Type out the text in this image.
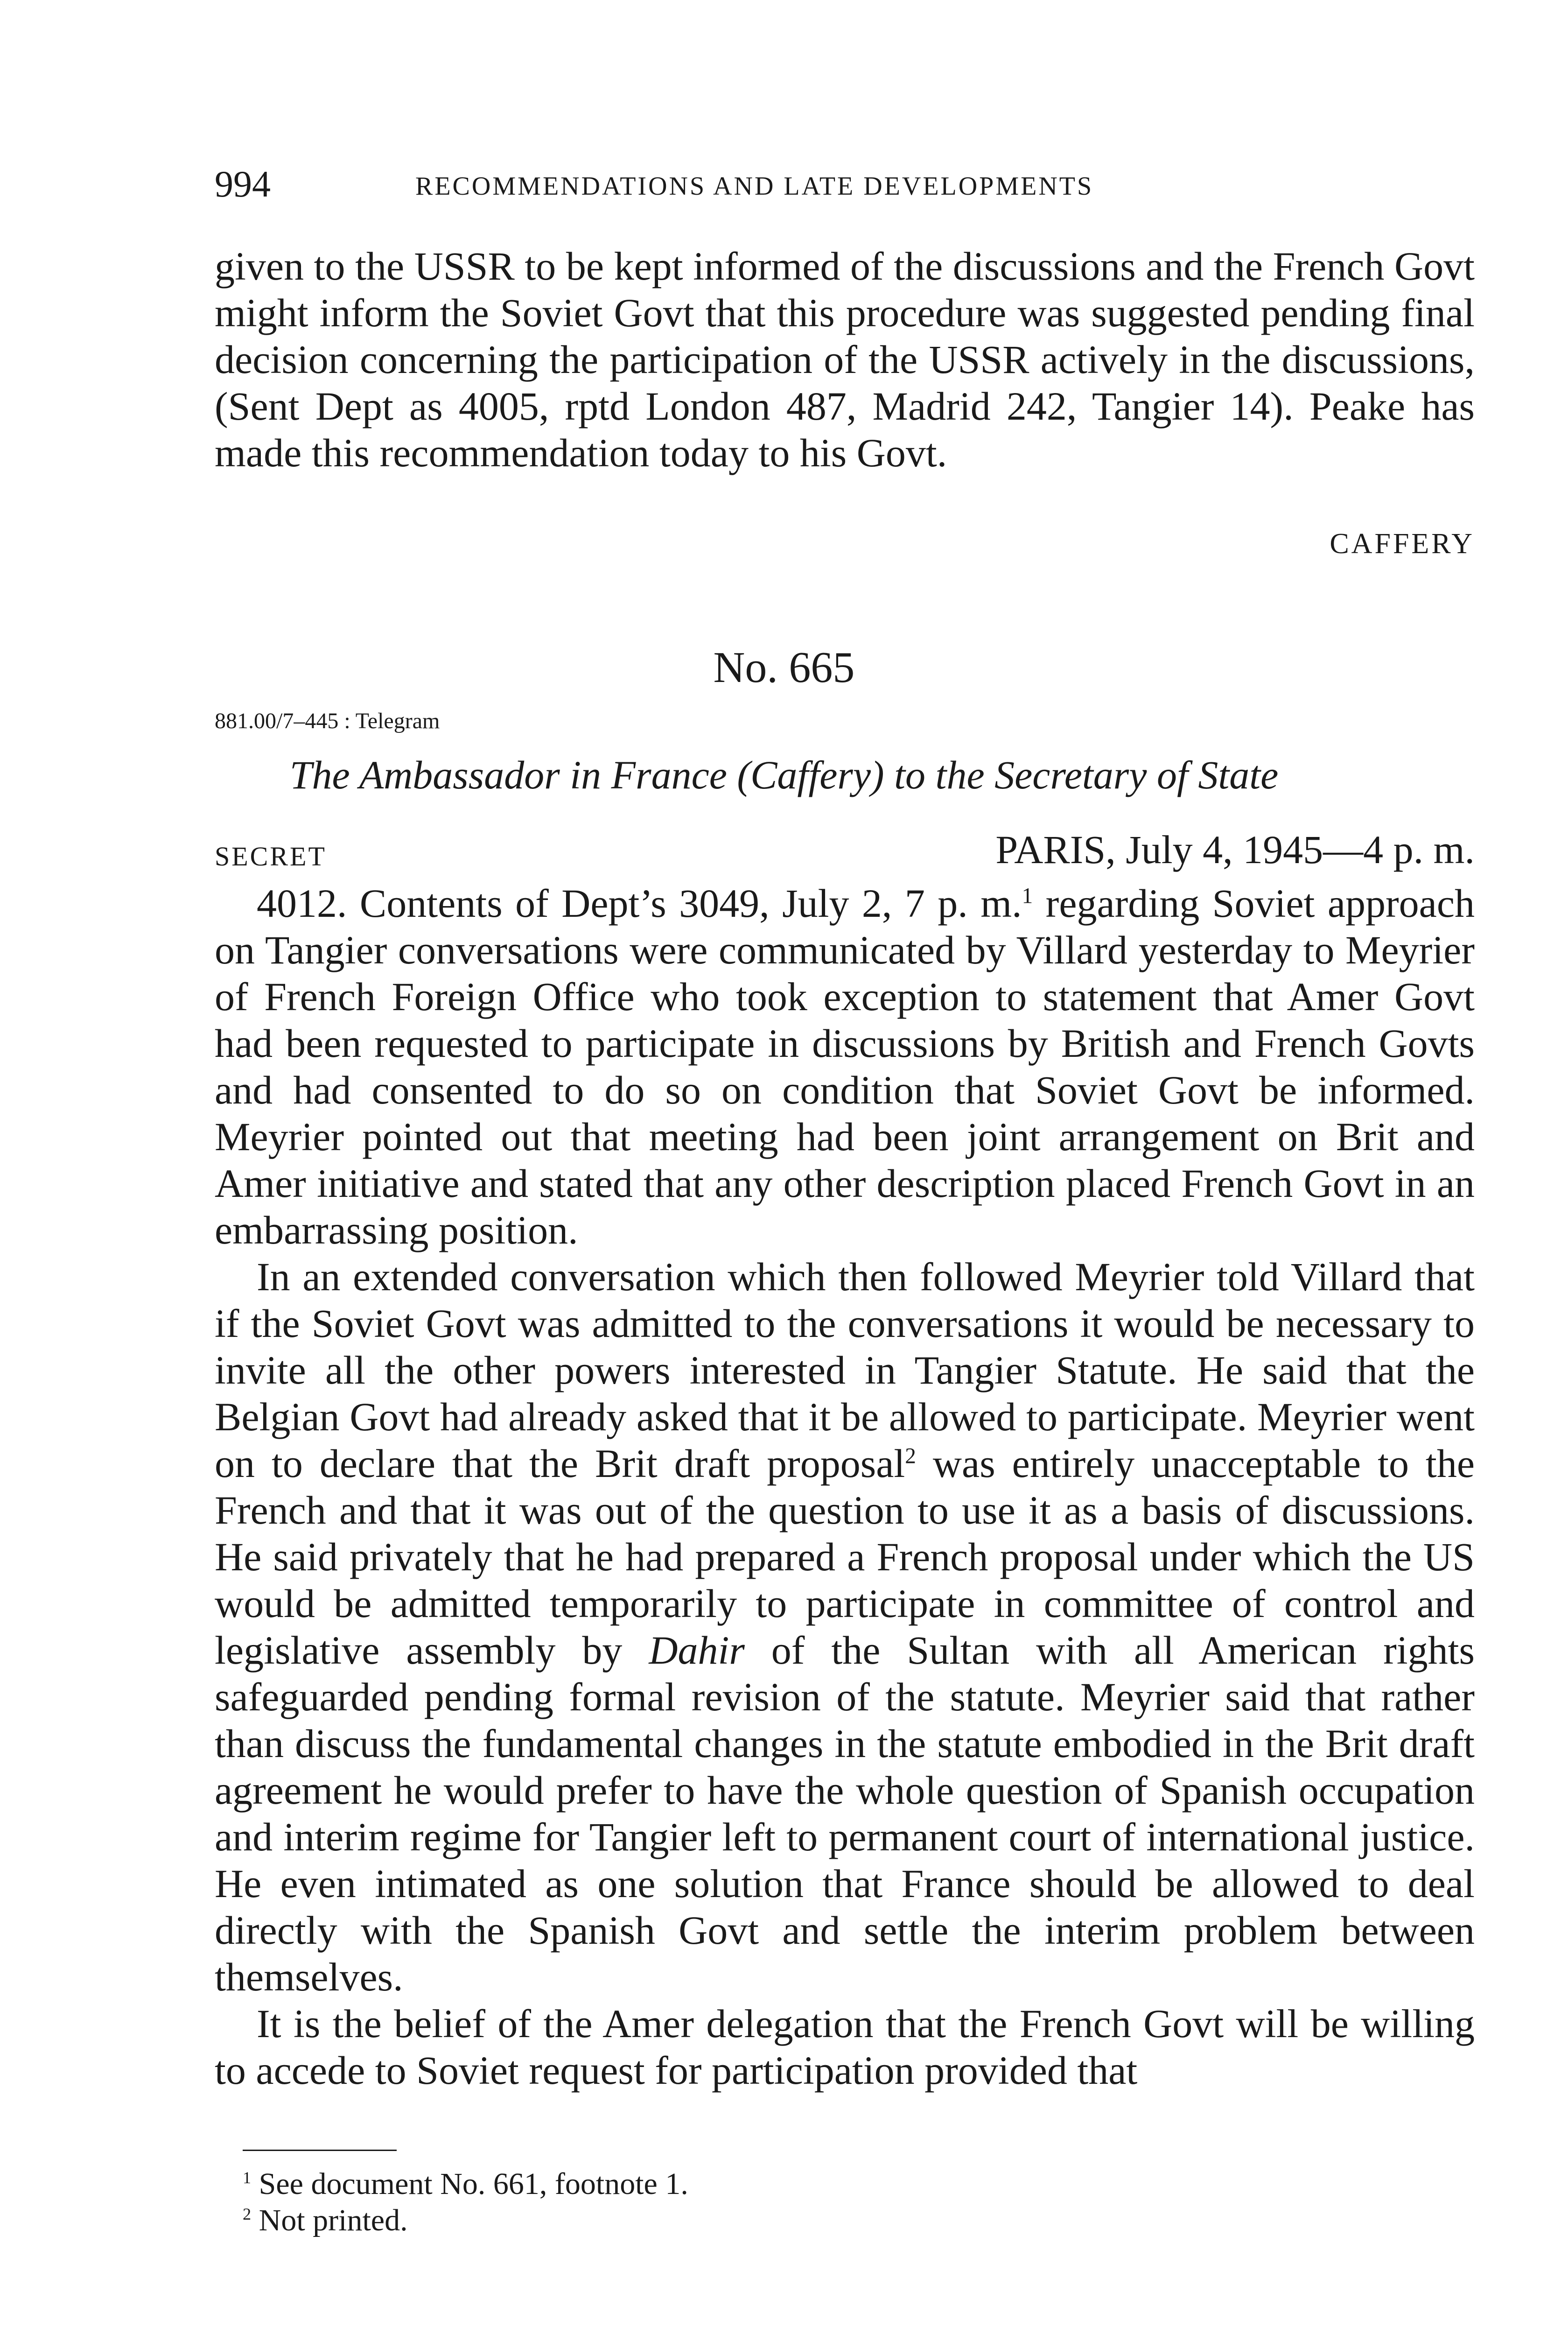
994	RECOMMENDATIONS AND LATE DEVELOPMENTS

given to the USSR to be kept informed of the discussions and the French Govt might inform the Soviet Govt that this procedure was suggested pending final decision concerning the participation of the USSR actively in the discussions, (Sent Dept as 4005, rptd London 487, Madrid 242, Tangier 14). Peake has made this recommendation today to his Govt.

CAFFERY
No. 665
881.00/7–445 : Telegram
The Ambassador in France (Caffery) to the Secretary of State
SECRET	PARIS, July 4, 1945—4 p. m.

4012. Contents of Dept’s 3049, July 2, 7 p. m.$^1$ regarding Soviet approach on Tangier conversations were communicated by Villard yesterday to Meyrier of French Foreign Office who took exception to statement that Amer Govt had been requested to participate in discussions by British and French Govts and had consented to do so on condition that Soviet Govt be informed. Meyrier pointed out that meeting had been joint arrangement on Brit and Amer initiative and stated that any other description placed French Govt in an embarrassing position.

In an extended conversation which then followed Meyrier told Villard that if the Soviet Govt was admitted to the conversations it would be necessary to invite all the other powers interested in Tangier Statute. He said that the Belgian Govt had already asked that it be allowed to participate. Meyrier went on to declare that the Brit draft proposal$^2$ was entirely unacceptable to the French and that it was out of the question to use it as a basis of discussions. He said privately that he had prepared a French proposal under which the US would be admitted temporarily to participate in committee of control and legislative assembly by Dahir of the Sultan with all American rights safeguarded pending formal revision of the statute. Meyrier said that rather than discuss the fundamental changes in the statute embodied in the Brit draft agreement he would prefer to have the whole question of Spanish occupation and interim regime for Tangier left to permanent court of international justice. He even intimated as one solution that France should be allowed to deal directly with the Spanish Govt and settle the interim problem between themselves.

It is the belief of the Amer delegation that the French Govt will be willing to accede to Soviet request for participation provided that

$^1$ See document No. 661, footnote 1.

$^2$ Not printed.
